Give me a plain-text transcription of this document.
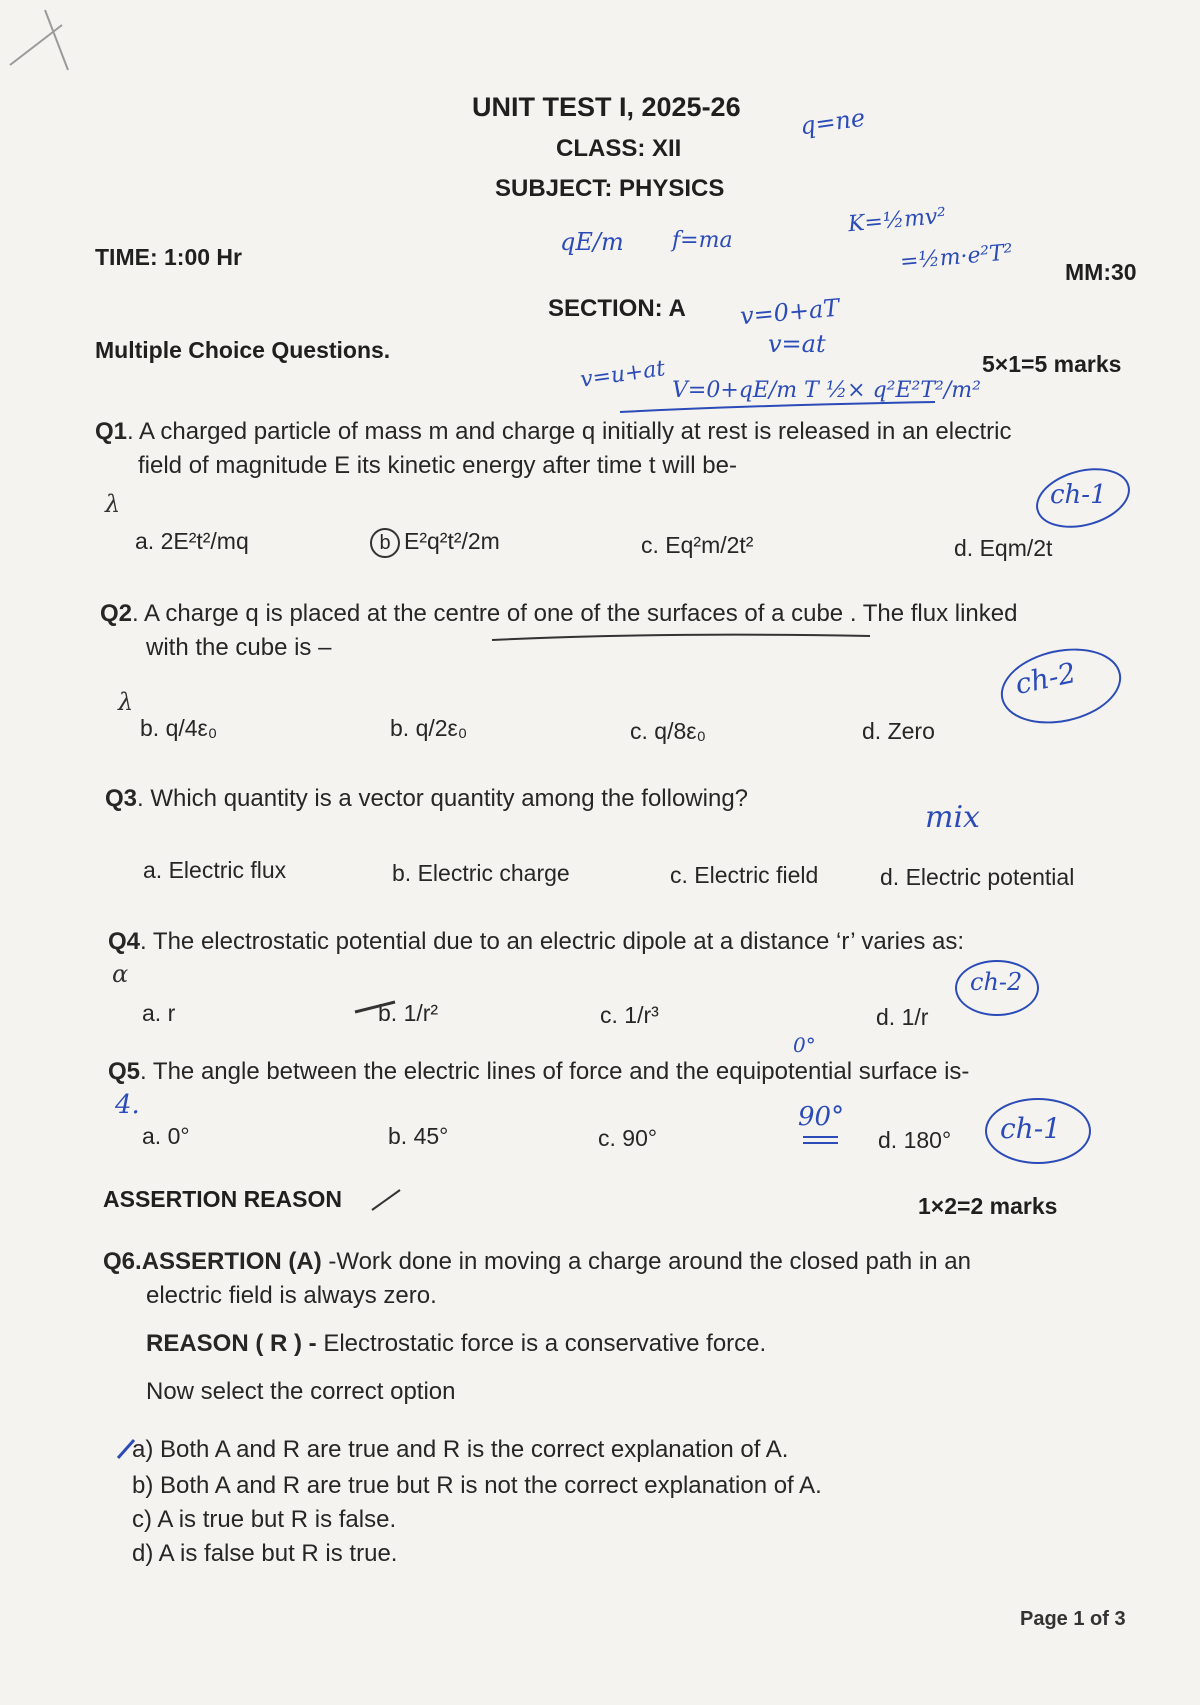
UNIT TEST I, 2025-26
CLASS: XII
SUBJECT: PHYSICS
TIME: 1:00 Hr
MM:30
SECTION: A
Multiple Choice Questions.
5×1=5 marks
Q1. A charged particle of mass m and charge q initially at rest is released in an electric
field of magnitude E its kinetic energy after time t will be-
a. 2E²t²/mq	b E²q²t²/2m	c. Eq²m/2t²	d. Eqm/2t
Q2. A charge q is placed at the centre of one of the surfaces of a cube . The flux linked
with the cube is –
b. q/4ε₀	b. q/2ε₀	c. q/8ε₀	d. Zero
Q3. Which quantity is a vector quantity among the following?
a. Electric flux	b. Electric charge	c. Electric field	d. Electric potential
Q4. The electrostatic potential due to an electric dipole at a distance ‘r’ varies as:
a. r	b. 1/r²	c. 1/r³	d. 1/r
Q5. The angle between the electric lines of force and the equipotential surface is-
a. 0°	b. 45°	c. 90°	d. 180°
ASSERTION REASON	1×2=2 marks
Q6.ASSERTION (A) -Work done in moving a charge around the closed path in an
electric field is always zero.
REASON ( R ) - Electrostatic force is a conservative force.
Now select the correct option
a) Both A and R are true and R is the correct explanation of A.
b) Both A and R are true but R is not the correct explanation of A.
c) A is true but R is false.
d) A is false but R is true.
Page 1 of 3
q=ne
qE/m f=ma
K=½mv²
=½m·e²T²
v=0+aT
v=at
v=u+at V=0+qE/m T ½× q²E²T²/m²
ch-1
ch-2
mix
ch-2
ch-1
λ
λ
α
4.	90°
0°
